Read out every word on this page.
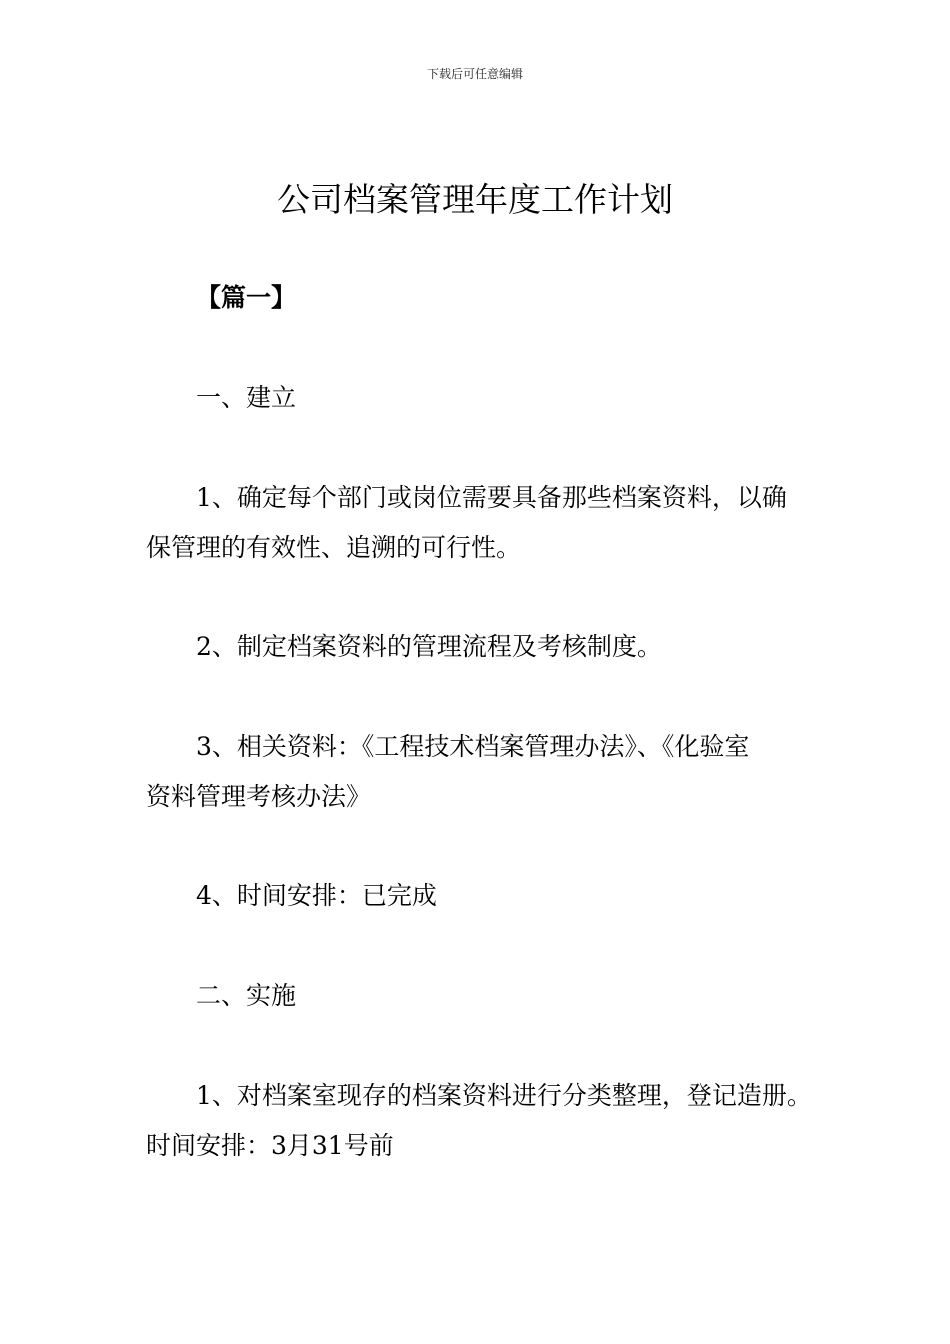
下载后可任意编辑
公司档案管理年度工作计划

【篇一】

一、建立

1、确定每个部门或岗位需要具备那些档案资料，以确
保管理的有效性、追溯的可行性。

2、制定档案资料的管理流程及考核制度。

3、相关资料：《工程技术档案管理办法》、《化验室
资料管理考核办法》

4、时间安排：已完成

二、实施

1、对档案室现存的档案资料进行分类整理，登记造册。
时间安排：3月31号前
